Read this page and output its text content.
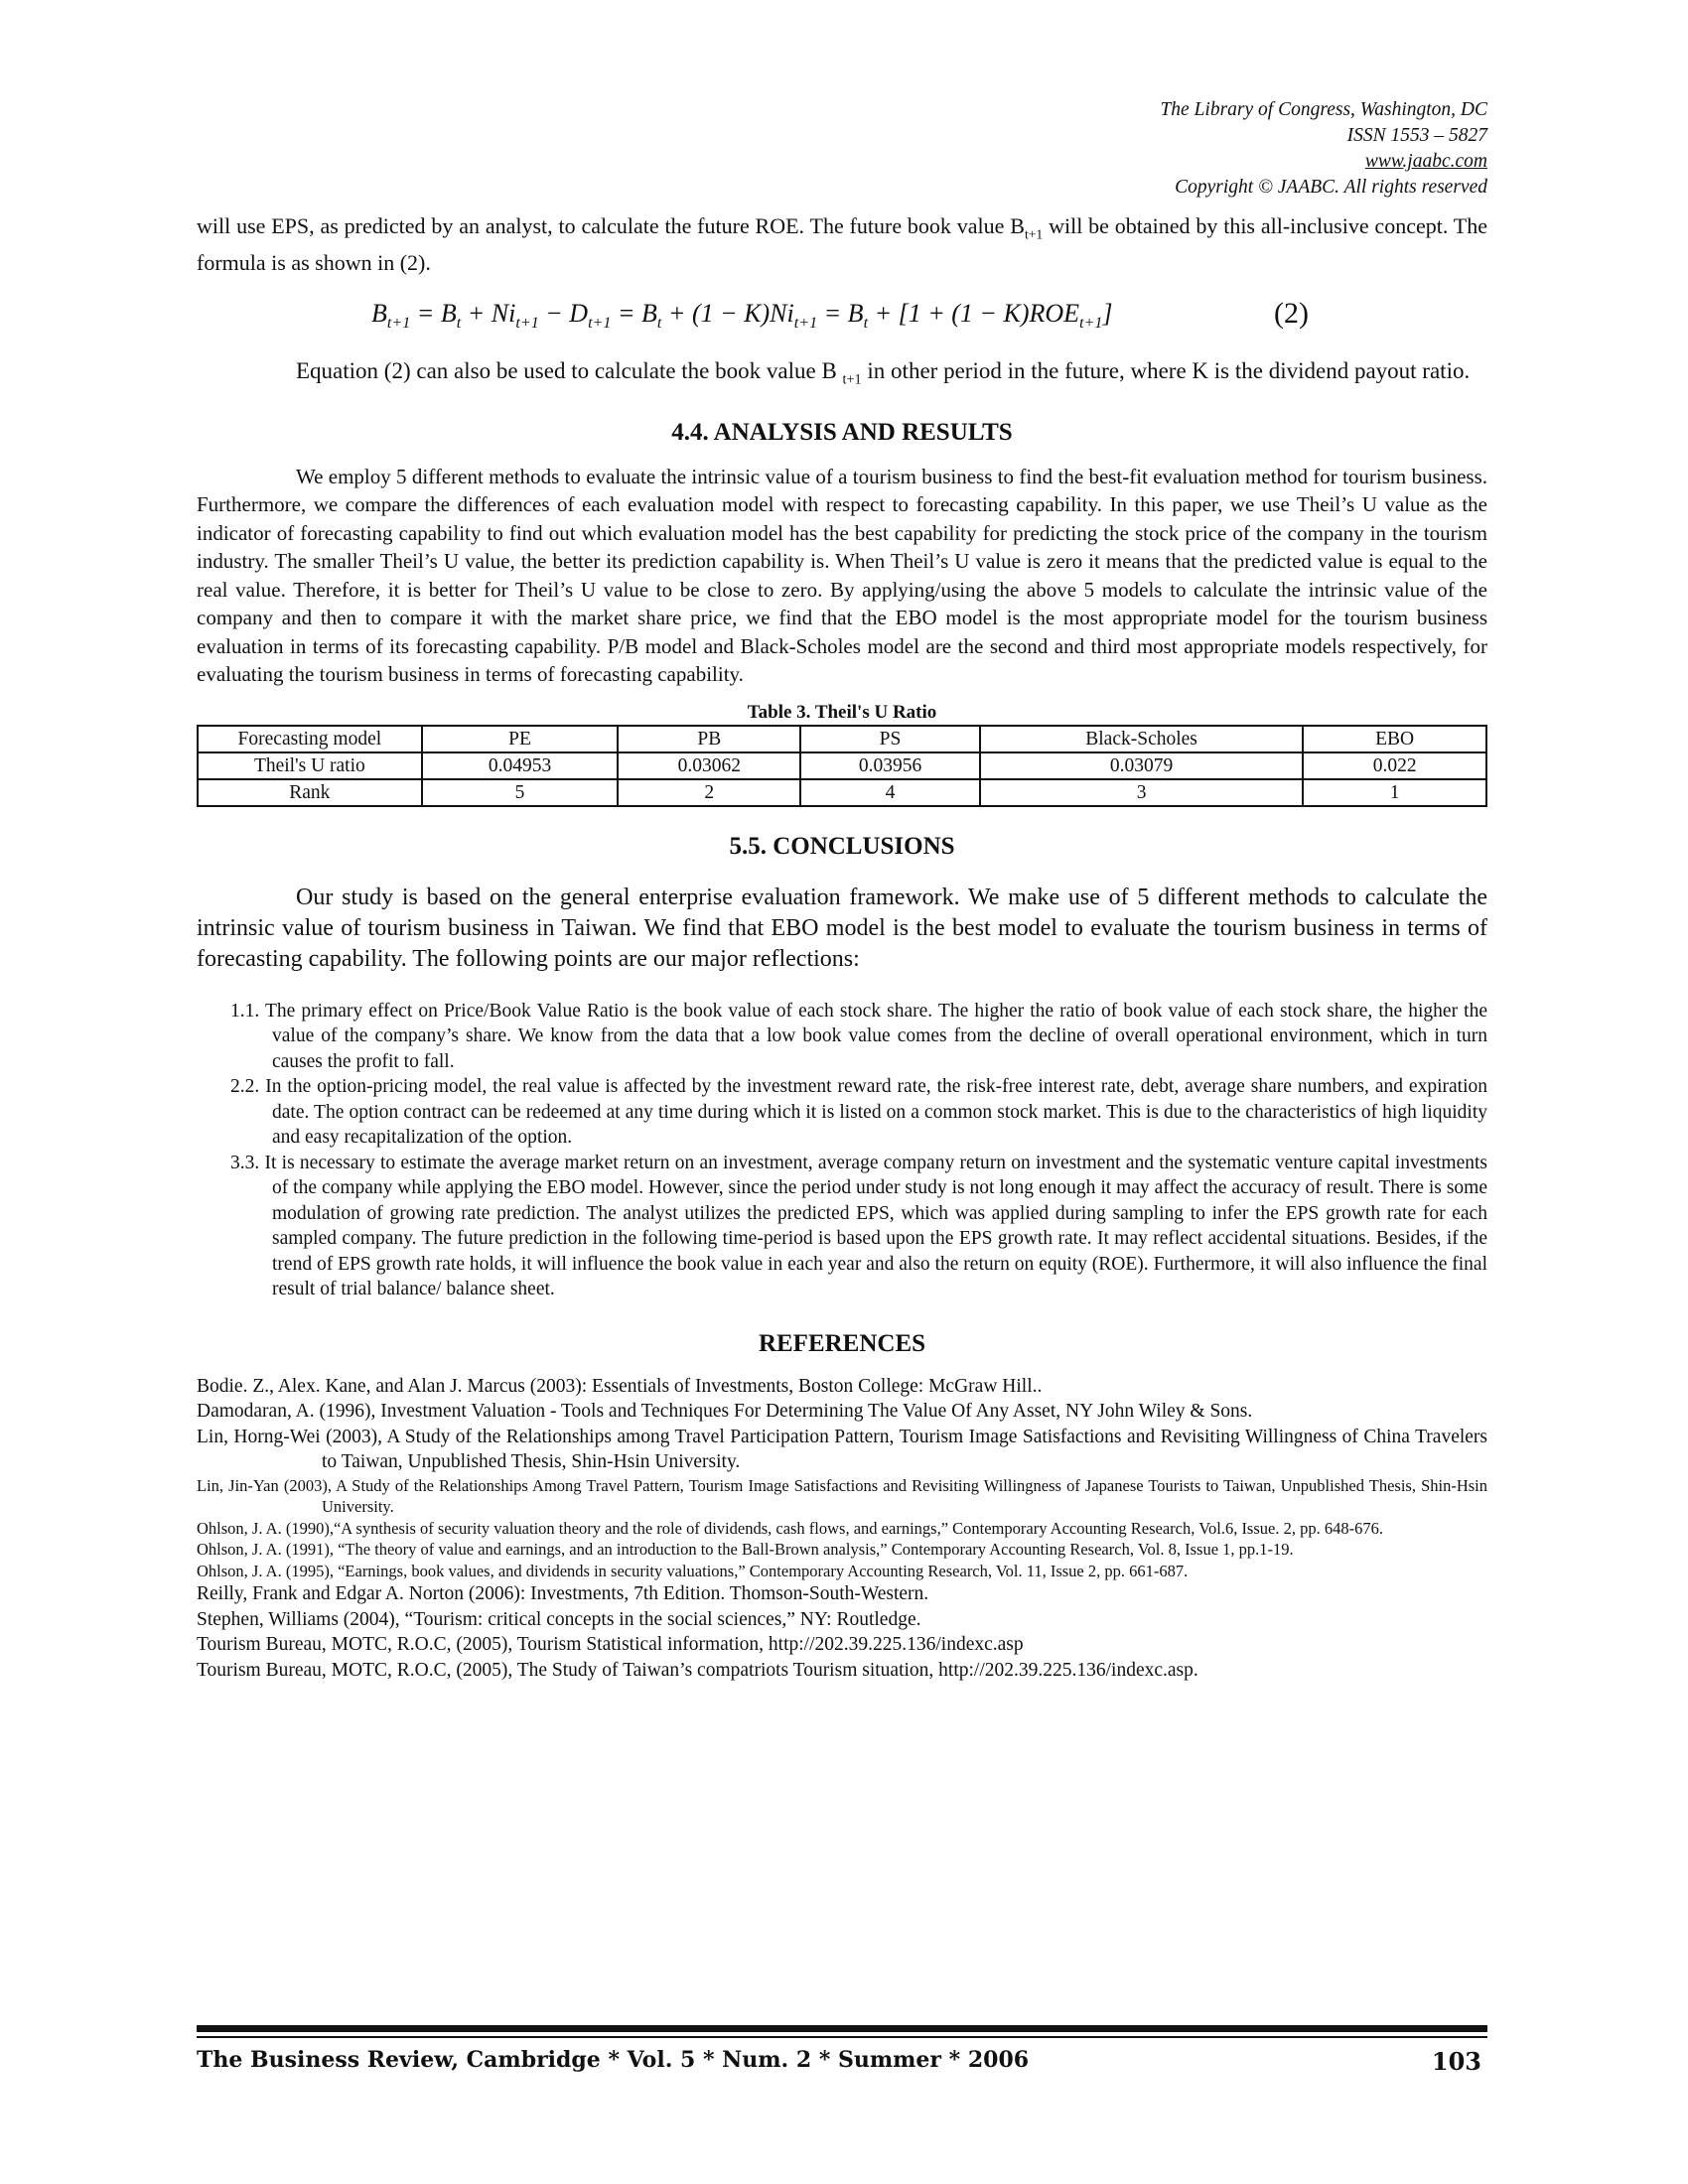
The Library of Congress, Washington, DC
ISSN 1553 – 5827
www.jaabc.com
Copyright © JAABC. All rights reserved

will use EPS, as predicted by an analyst, to calculate the future ROE. The future book value $B_{t+1}$ will be obtained by this all-inclusive concept. The formula is as shown in (2).

$B_{t+1} = B_t + Ni_{t+1} - D_{t+1} = B_t + (1 - K)Ni_{t+1} = B_t + [1 + (1 - K)ROE_{t+1}]$	(2)

Equation (2) can also be used to calculate the book value B $_{t+1}$ in other period in the future, where K is the dividend payout ratio.

4.4. ANALYSIS AND RESULTS

We employ 5 different methods to evaluate the intrinsic value of a tourism business to find the best-fit evaluation method for tourism business. Furthermore, we compare the differences of each evaluation model with respect to forecasting capability. In this paper, we use Theil’s U value as the indicator of forecasting capability to find out which evaluation model has the best capability for predicting the stock price of the company in the tourism industry. The smaller Theil’s U value, the better its prediction capability is. When Theil’s U value is zero it means that the predicted value is equal to the real value. Therefore, it is better for Theil’s U value to be close to zero. By applying/using the above 5 models to calculate the intrinsic value of the company and then to compare it with the market share price, we find that the EBO model is the most appropriate model for the tourism business evaluation in terms of its forecasting capability. P/B model and Black-Scholes model are the second and third most appropriate models respectively, for evaluating the tourism business in terms of forecasting capability.

Table 3. Theil's U Ratio
Forecasting model	PE	PB	PS	Black-Scholes	EBO
Theil's U ratio	0.04953	0.03062	0.03956	0.03079	0.022
Rank	5	2	4	3	1
5.5. CONCLUSIONS

Our study is based on the general enterprise evaluation framework. We make use of 5 different methods to calculate the intrinsic value of tourism business in Taiwan. We find that EBO model is the best model to evaluate the tourism business in terms of forecasting capability. The following points are our major reflections:

1.1. The primary effect on Price/Book Value Ratio is the book value of each stock share. The higher the ratio of book value of each stock share, the higher the value of the company’s share. We know from the data that a low book value comes from the decline of overall operational environment, which in turn causes the profit to fall.

2.2. In the option-pricing model, the real value is affected by the investment reward rate, the risk-free interest rate, debt, average share numbers, and expiration date. The option contract can be redeemed at any time during which it is listed on a common stock market. This is due to the characteristics of high liquidity and easy recapitalization of the option.

3.3. It is necessary to estimate the average market return on an investment, average company return on investment and the systematic venture capital investments of the company while applying the EBO model. However, since the period under study is not long enough it may affect the accuracy of result. There is some modulation of growing rate prediction. The analyst utilizes the predicted EPS, which was applied during sampling to infer the EPS growth rate for each sampled company. The future prediction in the following time-period is based upon the EPS growth rate. It may reflect accidental situations. Besides, if the trend of EPS growth rate holds, it will influence the book value in each year and also the return on equity (ROE). Furthermore, it will also influence the final result of trial balance/ balance sheet.

REFERENCES

Bodie. Z., Alex. Kane, and Alan J. Marcus (2003): Essentials of Investments, Boston College: McGraw Hill..

Damodaran, A. (1996), Investment Valuation - Tools and Techniques For Determining The Value Of Any Asset, NY John Wiley & Sons.

Lin, Horng-Wei (2003), A Study of the Relationships among Travel Participation Pattern, Tourism Image Satisfactions and Revisiting Willingness of China Travelers to Taiwan, Unpublished Thesis, Shin-Hsin University.

Lin, Jin-Yan (2003), A Study of the Relationships Among Travel Pattern, Tourism Image Satisfactions and Revisiting Willingness of Japanese Tourists to Taiwan, Unpublished Thesis, Shin-Hsin University.

Ohlson, J. A. (1990),“A synthesis of security valuation theory and the role of dividends, cash flows, and earnings,” Contemporary Accounting Research, Vol.6, Issue. 2, pp. 648-676.

Ohlson, J. A. (1991), “The theory of value and earnings, and an introduction to the Ball-Brown analysis,” Contemporary Accounting Research, Vol. 8, Issue 1, pp.1-19.

Ohlson, J. A. (1995), “Earnings, book values, and dividends in security valuations,” Contemporary Accounting Research, Vol. 11, Issue 2, pp. 661-687.

Reilly, Frank and Edgar A. Norton (2006): Investments, 7th Edition. Thomson-South-Western.

Stephen, Williams (2004), “Tourism: critical concepts in the social sciences,” NY: Routledge.

Tourism Bureau, MOTC, R.O.C, (2005), Tourism Statistical information, http://202.39.225.136/indexc.asp

Tourism Bureau, MOTC, R.O.C, (2005), The Study of Taiwan’s compatriots Tourism situation, http://202.39.225.136/indexc.asp.

The Business Review, Cambridge * Vol. 5 * Num. 2 * Summer * 2006	103
